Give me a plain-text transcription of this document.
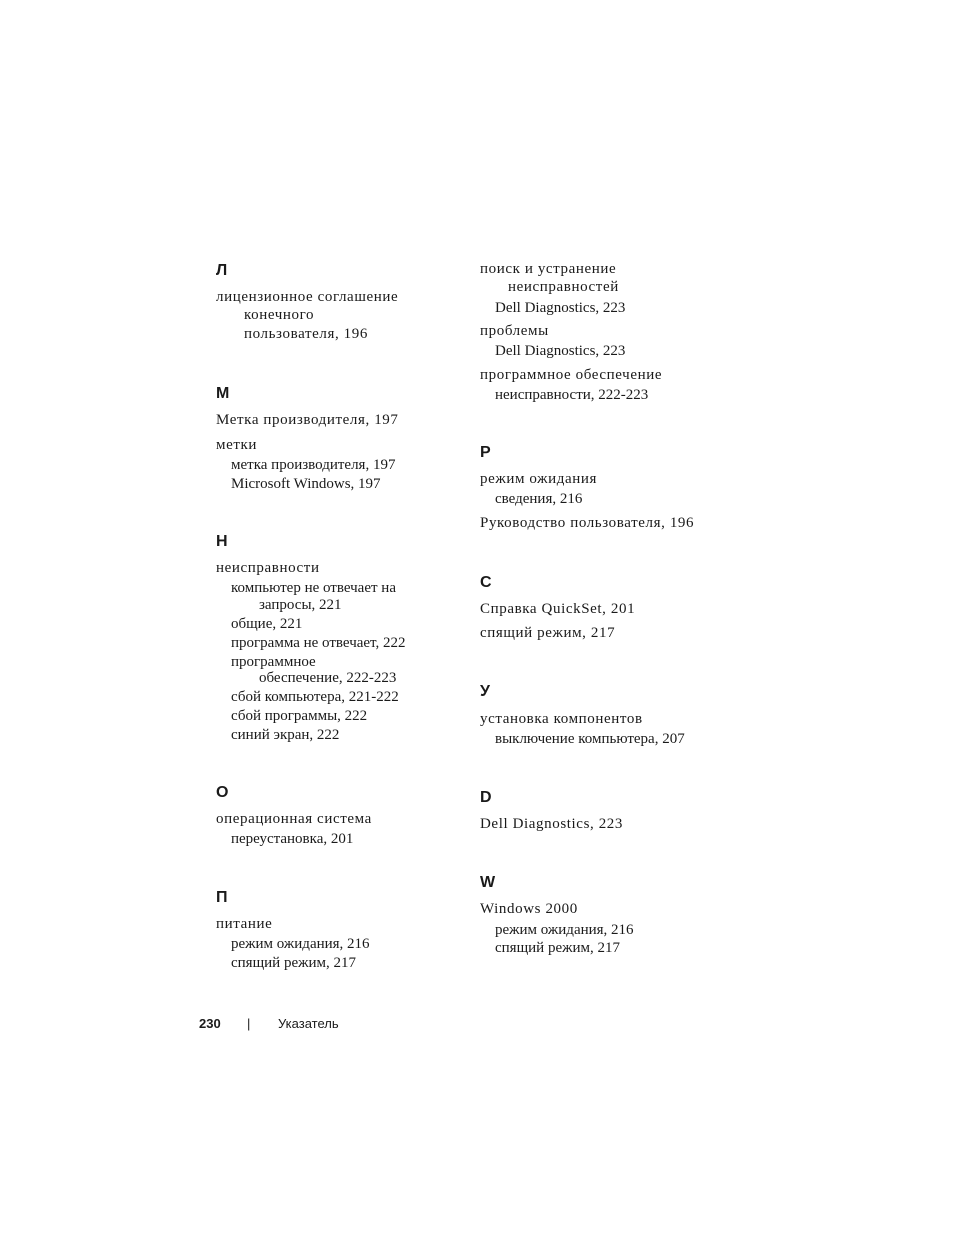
Л
лицензионное соглашение
конечного
пользователя, 196
М
Метка производителя, 197
метки
метка производителя, 197
Microsoft Windows, 197
Н
неисправности
компьютер не отвечает на
запросы, 221
общие, 221
программа не отвечает, 222
программное
обеспечение, 222-223
сбой компьютера, 221-222
сбой программы, 222
синий экран, 222
О
операционная система
переустановка, 201
П
питание
режим ожидания, 216
спящий режим, 217
поиск и устранение
неисправностей
Dell Diagnostics, 223
проблемы
Dell Diagnostics, 223
программное обеспечение
неисправности, 222-223
Р
режим ожидания
сведения, 216
Руководство пользователя, 196
С
Справка QuickSet, 201
спящий режим, 217
У
установка компонентов
выключение компьютера, 207
D
Dell Diagnostics, 223
W
Windows 2000
режим ожидания, 216
спящий режим, 217
230 | Указатель
